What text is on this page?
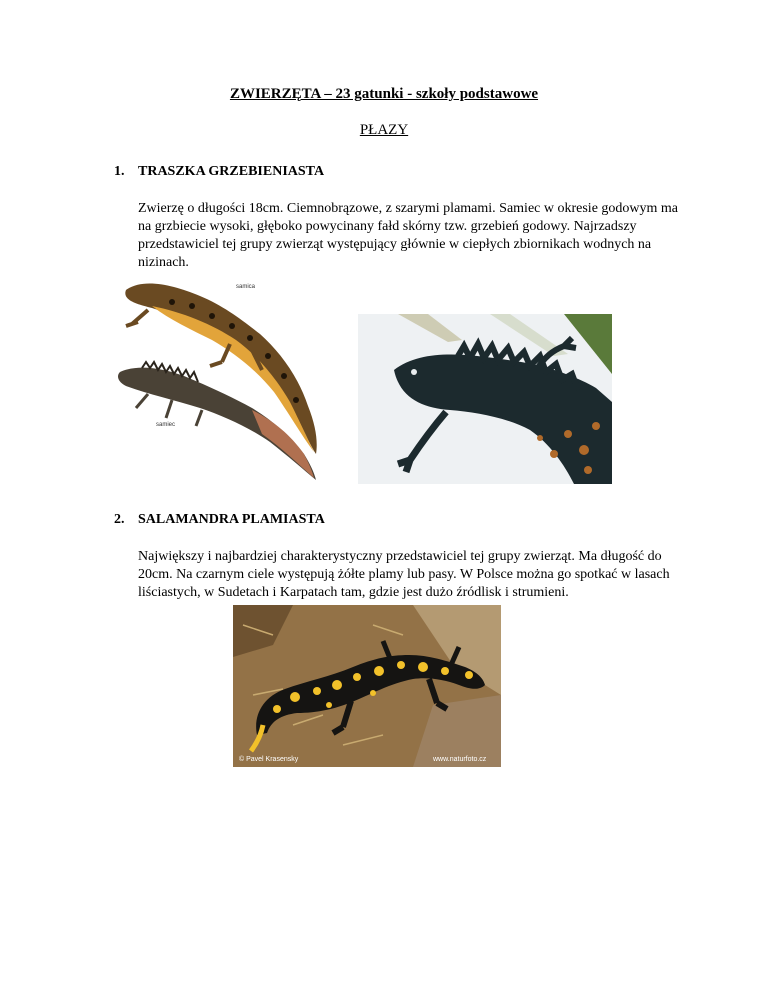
ZWIERZĘTA – 23 gatunki - szkoły podstawowe
PŁAZY
1. TRASZKA GRZEBIENIASTA
Zwierzę o długości 18cm. Ciemnobrązowe, z szarymi plamami. Samiec w okresie godowym ma na grzbiecie wysoki, głęboko powycinany fałd skórny tzw. grzebień godowy. Najrzadszy przedstawiciel tej grupy zwierząt występujący głównie w ciepłych zbiornikach wodnych na nizinach.
samica
samiec
2. SALAMANDRA PLAMIASTA
Największy i najbardziej charakterystyczny przedstawiciel tej grupy zwierząt. Ma długość do 20cm. Na czarnym ciele występują żółte plamy lub pasy. W Polsce można go spotkać w lasach liściastych, w Sudetach i Karpatach tam, gdzie jest dużo źródlisk i strumieni.
© Pavel Krasensky	www.naturfoto.cz
